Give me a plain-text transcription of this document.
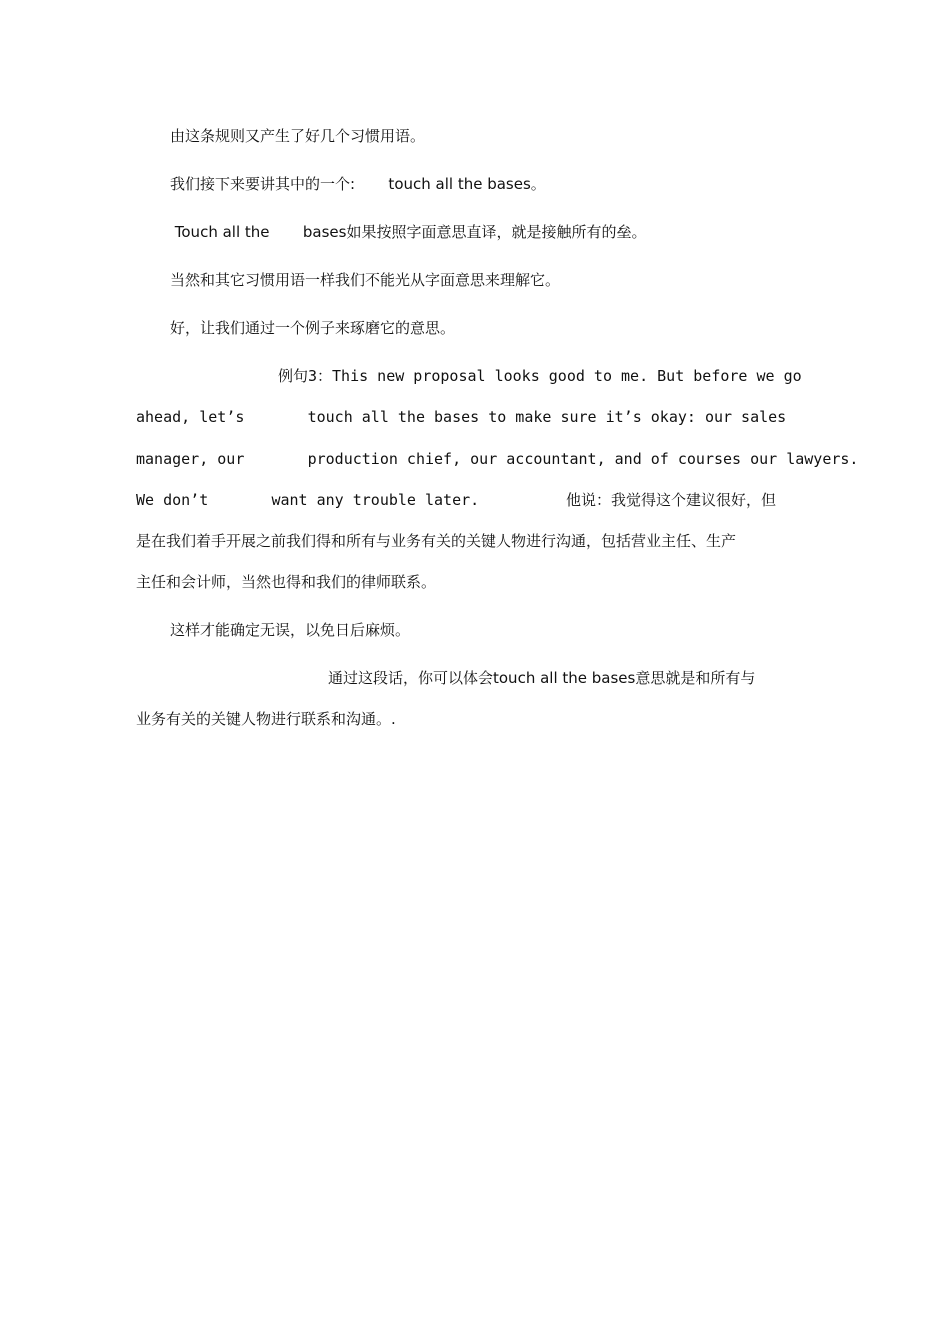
由这条规则又产生了好几个习惯用语。
我们接下来要讲其中的一个:       touch all the bases。
Touch all the       bases如果按照字面意思直译，就是接触所有的垒。
当然和其它习惯用语一样我们不能光从字面意思来理解它。
好，让我们通过一个例子来琢磨它的意思。
例句3：This new proposal looks good to me. But before we go
ahead, let’s       touch all the bases to make sure it’s okay: our sales
manager, our       production chief, our accountant, and of courses our lawyers.
We don’t       want any trouble later.	他说：我觉得这个建议很好，但
是在我们着手开展之前我们得和所有与业务有关的关键人物进行沟通，包括营业主任、生产
主任和会计师，当然也得和我们的律师联系。
这样才能确定无误，以免日后麻烦。
通过这段话，你可以体会touch all the bases意思就是和所有与
业务有关的关键人物进行联系和沟通。.
